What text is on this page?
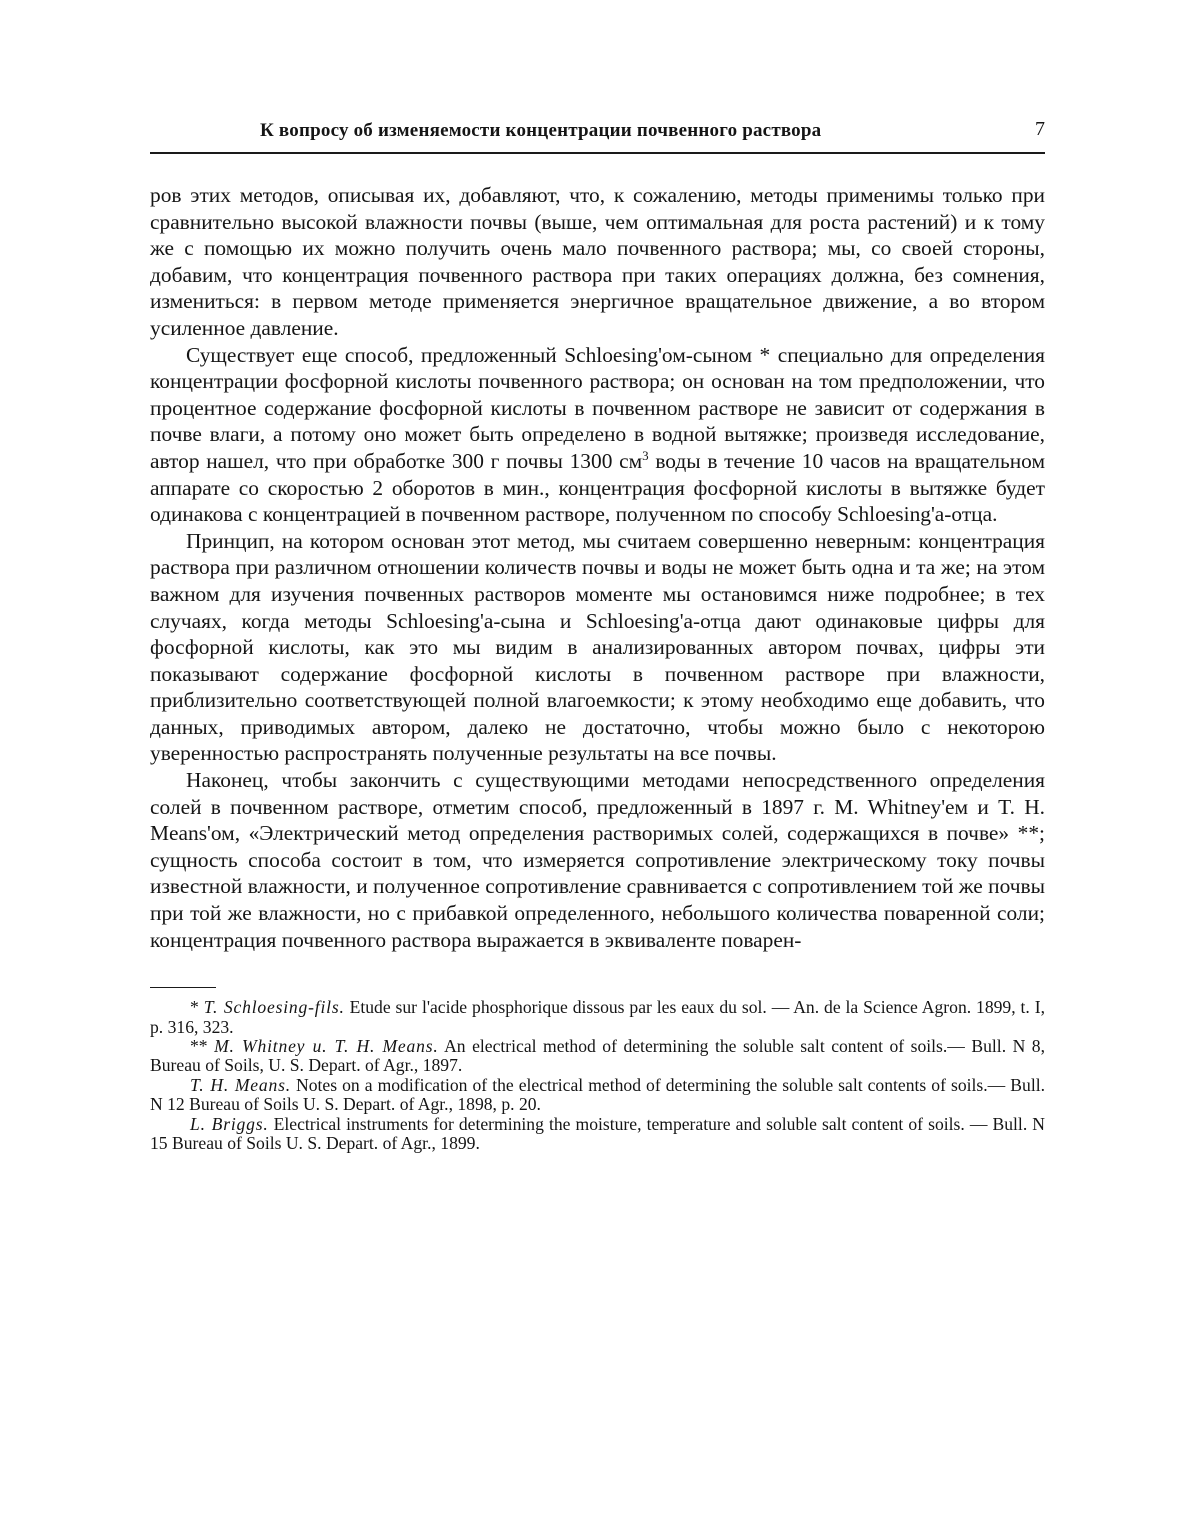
К вопросу об изменяемости концентрации почвенного раствора	7

ров этих методов, описывая их, добавляют, что, к сожалению, методы применимы только при сравнительно высокой влажности почвы (выше, чем оптимальная для роста растений) и к тому же с помощью их можно получить очень мало почвенного раствора; мы, со своей стороны, добавим, что концентрация почвенного раствора при таких операциях должна, без сомнения, измениться: в первом методе применяется энергичное вращательное движение, а во втором усиленное давление.

Существует еще способ, предложенный Schloesing'ом-сыном * специально для определения концентрации фосфорной кислоты почвенного раствора; он основан на том предположении, что процентное содержание фосфорной кислоты в почвенном растворе не зависит от содержания в почве влаги, а потому оно может быть определено в водной вытяжке; произведя исследование, автор нашел, что при обработке 300 г почвы 1300 $см^3$ воды в течение 10 часов на вращательном аппарате со скоростью 2 оборотов в мин., концентрация фосфорной кислоты в вытяжке будет одинакова с концентрацией в почвенном растворе, полученном по способу Schloesing'а-отца.

Принцип, на котором основан этот метод, мы считаем совершенно неверным: концентрация раствора при различном отношении количеств почвы и воды не может быть одна и та же; на этом важном для изучения почвенных растворов моменте мы остановимся ниже подробнее; в тех случаях, когда методы Schloesing'а-сына и Schloesing'а-отца дают одинаковые цифры для фосфорной кислоты, как это мы видим в анализированных автором почвах, цифры эти показывают содержание фосфорной кислоты в почвенном растворе при влажности, приблизительно соответствующей полной влагоемкости; к этому необходимо еще добавить, что данных, приводимых автором, далеко не достаточно, чтобы можно было с некоторою уверенностью распространять полученные результаты на все почвы.

Наконец, чтобы закончить с существующими методами непосредственного определения солей в почвенном растворе, отметим способ, предложенный в 1897 г. M. Whitney'ем и T. H. Means'ом, «Электрический метод определения растворимых солей, содержащихся в почве» **; сущность способа состоит в том, что измеряется сопротивление электрическому току почвы известной влажности, и полученное сопротивление сравнивается с сопротивлением той же почвы при той же влажности, но с прибавкой определенного, небольшого количества поваренной соли; концентрация почвенного раствора выражается в эквиваленте поварен-

* T. Schloesing-fils. Etude sur l'acide phosphorique dissous par les eaux du sol. — An. de la Science Agron. 1899, t. I, p. 316, 323.

** M. Whitney u. T. H. Means. An electrical method of determining the soluble salt content of soils.— Bull. N 8, Bureau of Soils, U. S. Depart. of Agr., 1897.

T. H. Means. Notes on a modification of the electrical method of determining the soluble salt contents of soils.— Bull. N 12 Bureau of Soils U. S. Depart. of Agr., 1898, p. 20.

L. Briggs. Electrical instruments for determining the moisture, temperature and soluble salt content of soils. — Bull. N 15 Bureau of Soils U. S. Depart. of Agr., 1899.
